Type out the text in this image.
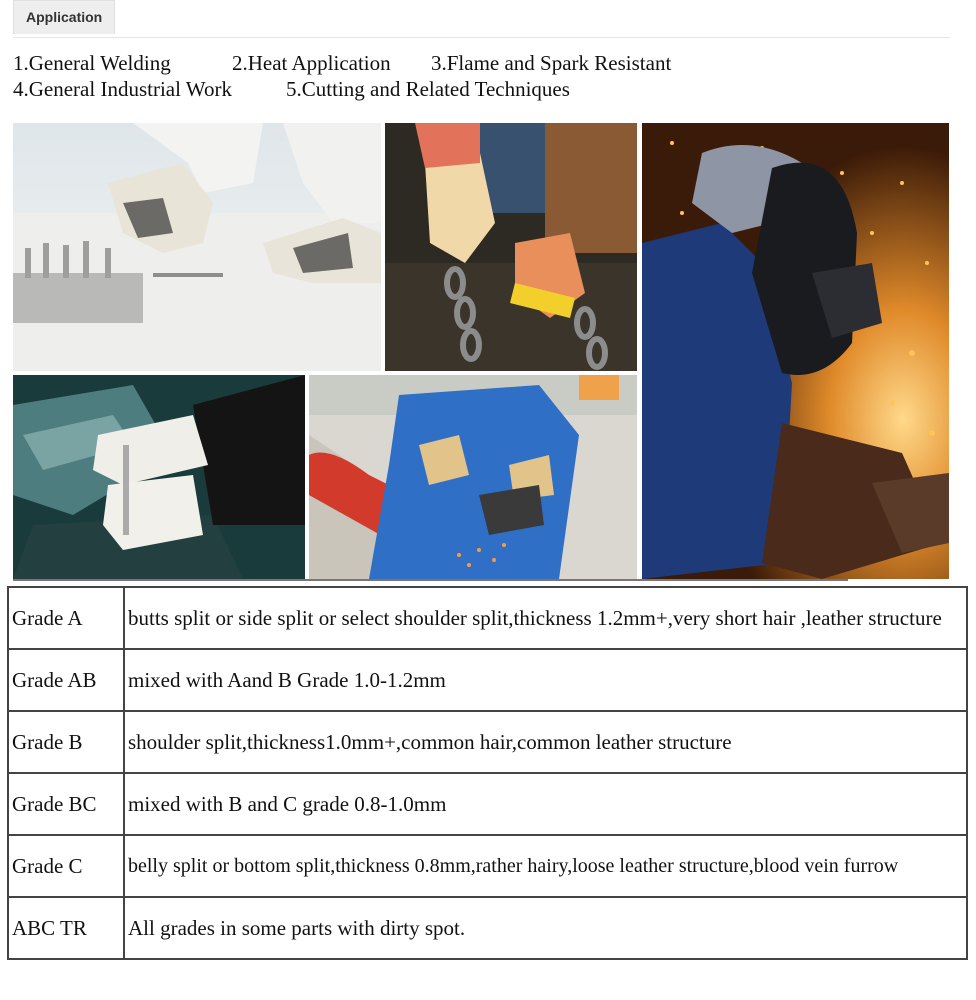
Application
1.General Welding	2.Heat Application 3.Flame and Spark Resistant
4.General Industrial Work	5.Cutting and Related Techniques
Grade A	butts split or side split or select shoulder split,thickness 1.2mm+,very short hair ,leather structure
Grade AB	mixed with Aand B Grade 1.0-1.2mm
Grade B	shoulder split,thickness1.0mm+,common hair,common leather structure
Grade BC	mixed with B and C grade 0.8-1.0mm
Grade C	belly split or bottom split,thickness 0.8mm,rather hairy,loose leather structure,blood vein furrow
ABC TR	All grades in some parts with dirty spot.
